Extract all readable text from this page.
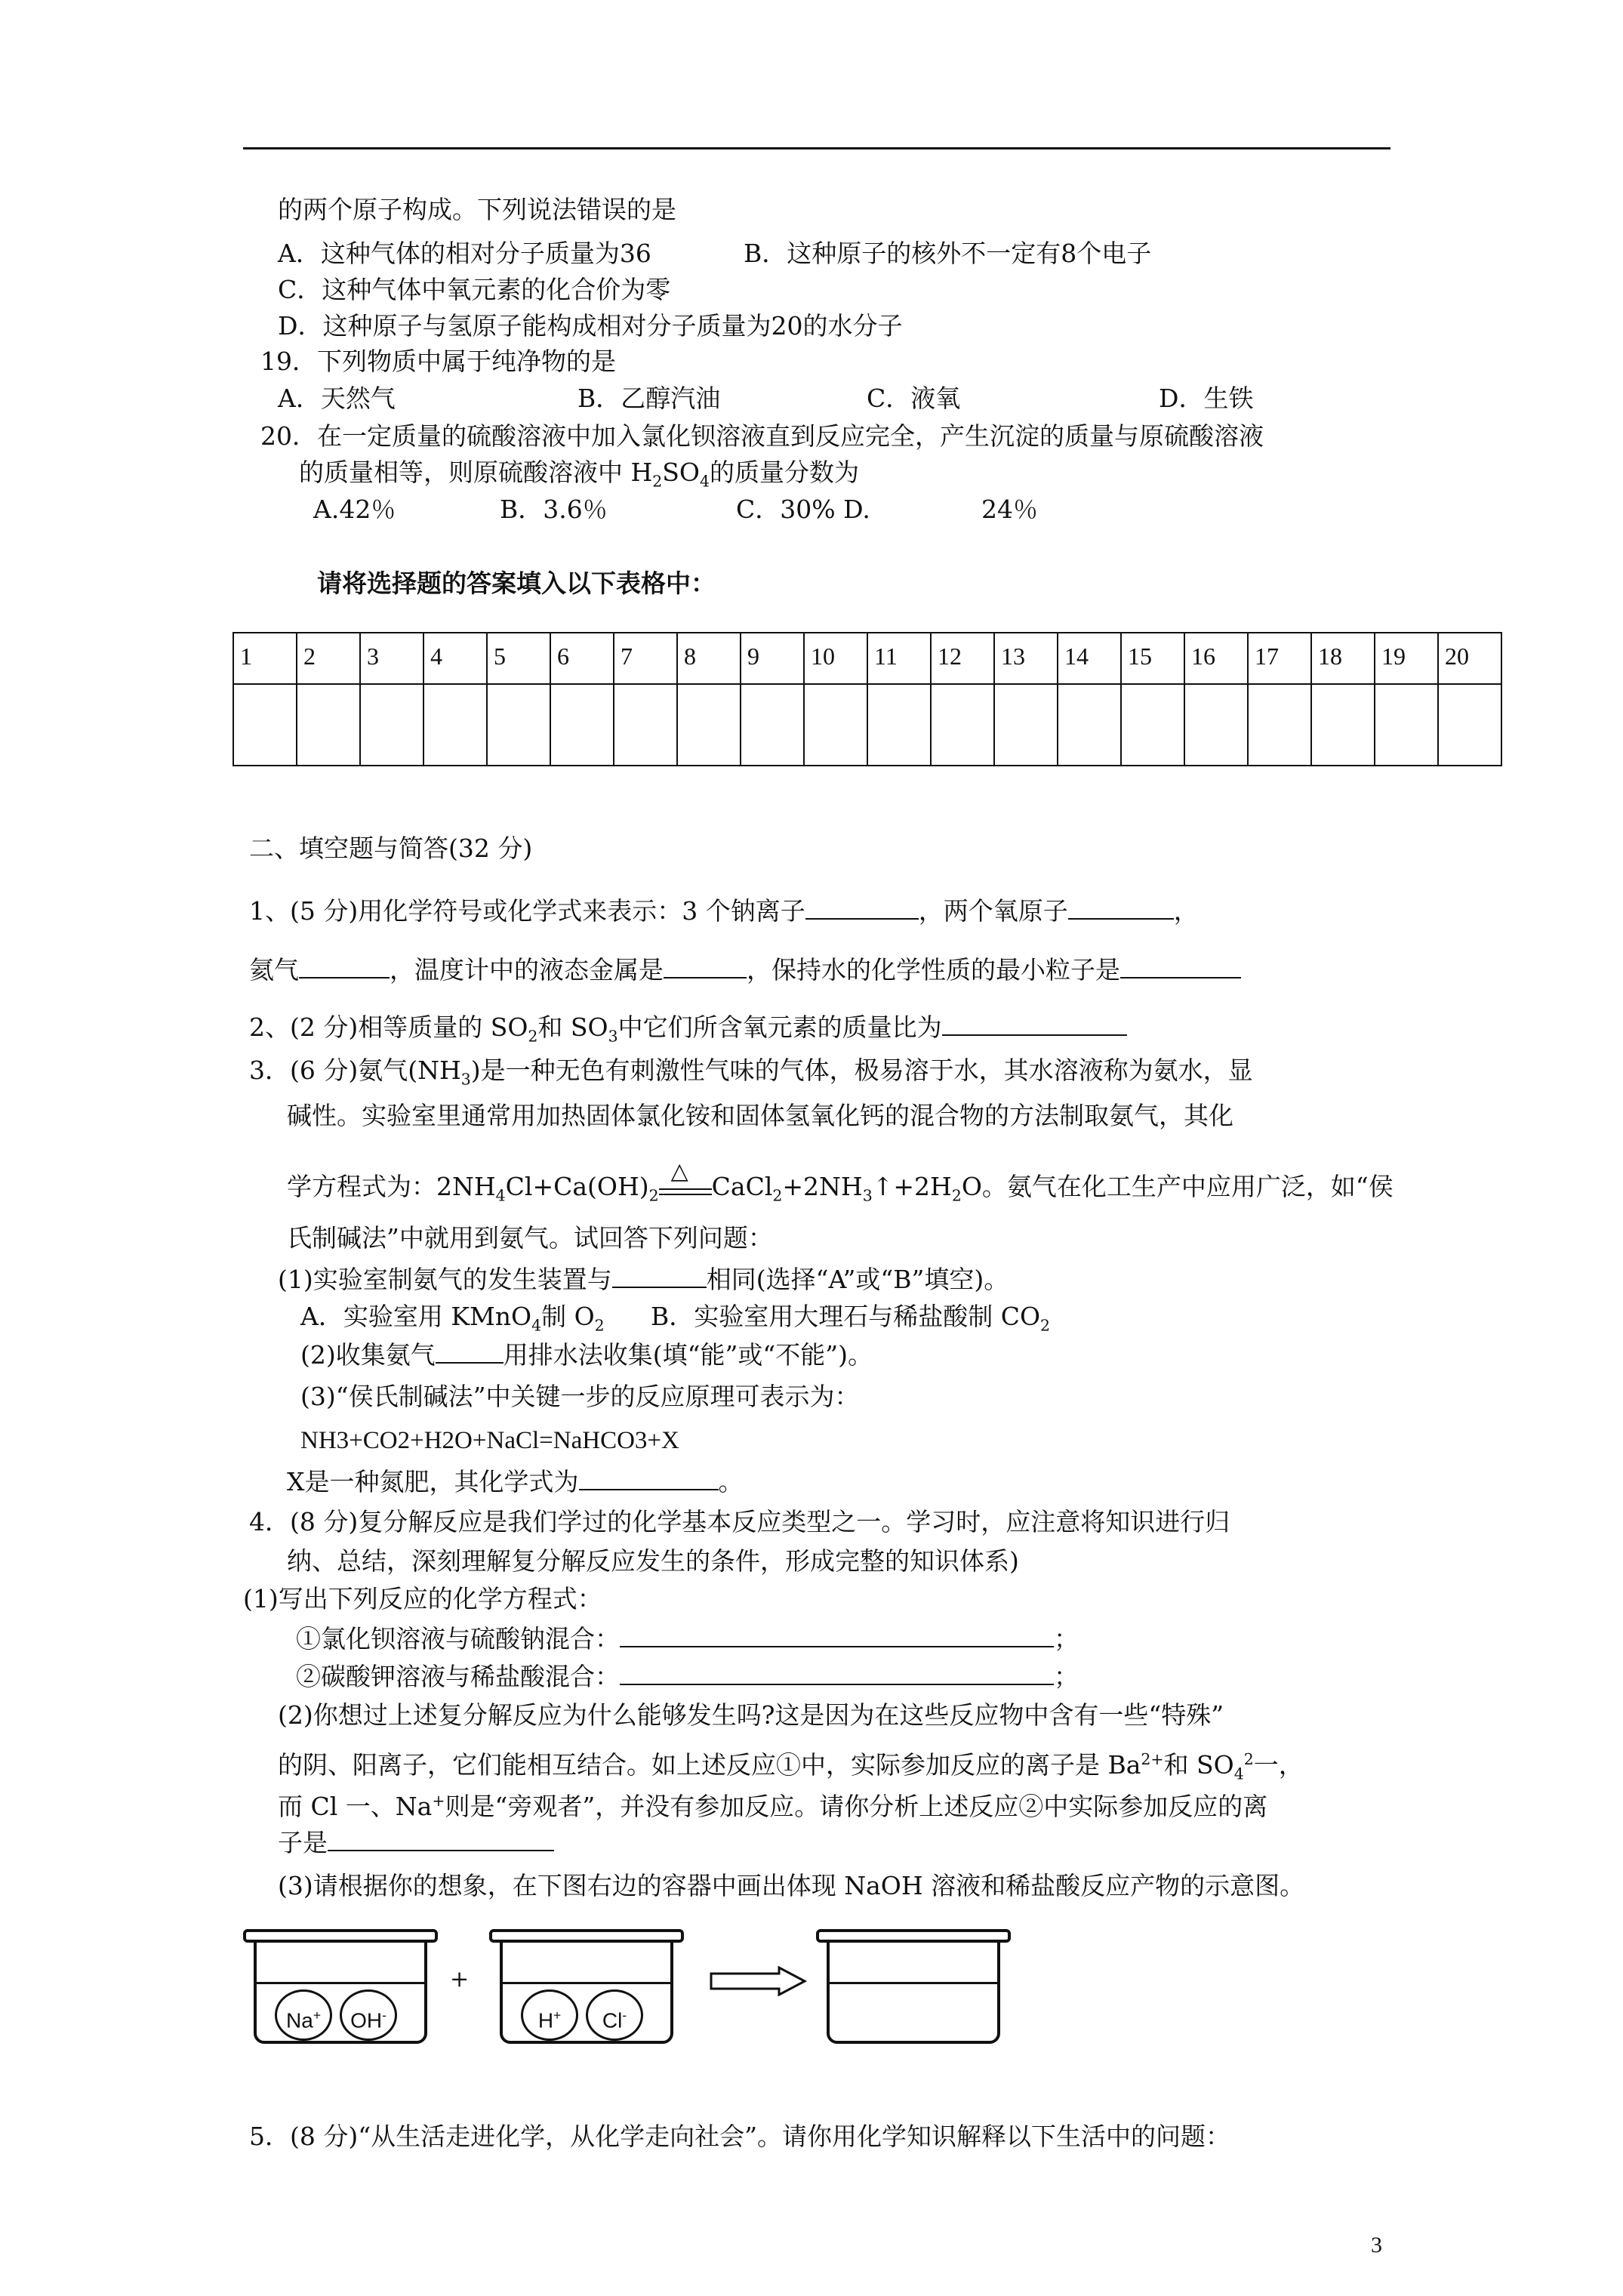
的两个原子构成。下列说法错误的是
A．这种气体的相对分子质量为36	B．这种原子的核外不一定有8个电子
C．这种气体中氧元素的化合价为零
D．这种原子与氢原子能构成相对分子质量为20的水分子
19．下列物质中属于纯净物的是
A．天然气	B．乙醇汽油	C．液氧	D．生铁
20．在一定质量的硫酸溶液中加入氯化钡溶液直到反应完全，产生沉淀的质量与原硫酸溶液
的质量相等，则原硫酸溶液中 $H_2SO_4$的质量分数为
A.42％	B．3.6％	C．30% D.	24％
请将选择题的答案填入以下表格中：
1	2	3	4	5	6	7	8	9	10	11	12	13	14	15	16	17	18	19	20

二、填空题与简答(32 分)
1、(5 分)用化学符号或化学式来表示：3 个钠离子	，两个氧原子	，
氦气	，温度计中的液态金属是	，保持水的化学性质的最小粒子是
2、(2 分)相等质量的 $SO_2$和 $SO_3$中它们所含氧元素的质量比为
3．(6 分)氨气$(NH_3)$是一种无色有刺激性气味的气体，极易溶于水，其水溶液称为氨水，显
碱性。实验室里通常用加热固体氯化铵和固体氢氧化钙的混合物的方法制取氨气，其化
学方程式为：$2NH_4Cl+Ca(OH)_2$
△
$CaCl_2+2NH_3↑+2H_2O$。氨气在化工生产中应用广泛，如“侯
氏制碱法”中就用到氨气。试回答下列问题：
(1)实验室制氨气的发生装置与	相同(选择“A”或“B”填空)。
A．实验室用 KMnO$_4$制 $O_2$ B．实验室用大理石与稀盐酸制 $CO_2$
(2)收集氨气	用排水法收集(填“能”或“不能”)。
(3)“侯氏制碱法”中关键一步的反应原理可表示为：
NH3+CO2+H2O+NaCl=NaHCO3+X
X是一种氮肥，其化学式为	。
4．(8 分)复分解反应是我们学过的化学基本反应类型之一。学习时，应注意将知识进行归
纳、总结，深刻理解复分解反应发生的条件，形成完整的知识体系)
(1)写出下列反应的化学方程式：
①氯化钡溶液与硫酸钠混合：	；
②碳酸钾溶液与稀盐酸混合：	；
(2)你想过上述复分解反应为什么能够发生吗?这是因为在这些反应物中含有一些“特殊”
的阴、阳离子，它们能相互结合。如上述反应①中，实际参加反应的离子是 $Ba^{2+}$和 $SO_4^2$一，
而 Cl 一、Na+则是“旁观者”，并没有参加反应。请你分析上述反应②中实际参加反应的离
子是
(3)请根据你的想象，在下图右边的容器中画出体现 NaOH 溶液和稀盐酸反应产物的示意图。
Na+	OH-
+
H+	Cl-
5．(8 分)“从生活走进化学，从化学走向社会”。请你用化学知识解释以下生活中的问题：
3
